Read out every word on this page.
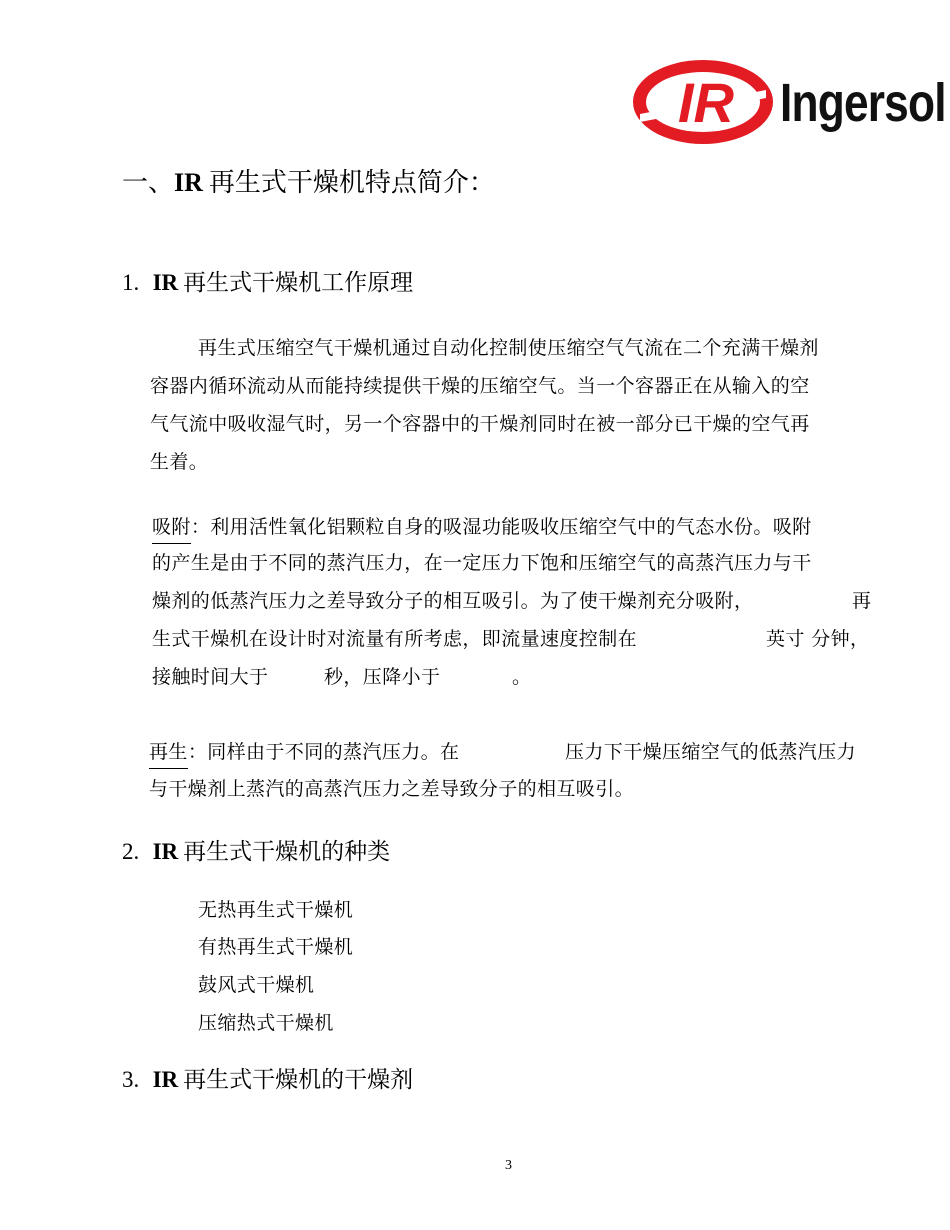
IR Ingersol
一、IR 再生式干燥机特点简介：
1. IR 再生式干燥机工作原理
再生式压缩空气干燥机通过自动化控制使压缩空气气流在二个充满干燥剂
容器内循环流动从而能持续提供干燥的压缩空气。当一个容器正在从输入的空
气气流中吸收湿气时，另一个容器中的干燥剂同时在被一部分已干燥的空气再
生着。
吸附：利用活性氧化铝颗粒自身的吸湿功能吸收压缩空气中的气态水份。吸附
的产生是由于不同的蒸汽压力，在一定压力下饱和压缩空气的高蒸汽压力与干
燥剂的低蒸汽压力之差导致分子的相互吸引。为了使干燥剂充分吸附，	再
生式干燥机在设计时对流量有所考虑，即流量速度控制在	英寸 分钟，
接触时间大于	秒，压降小于	。
再生：同样由于不同的蒸汽压力。在	压力下干燥压缩空气的低蒸汽压力
与干燥剂上蒸汽的高蒸汽压力之差导致分子的相互吸引。
2. IR 再生式干燥机的种类
无热再生式干燥机
有热再生式干燥机
鼓风式干燥机
压缩热式干燥机
3. IR 再生式干燥机的干燥剂
3
